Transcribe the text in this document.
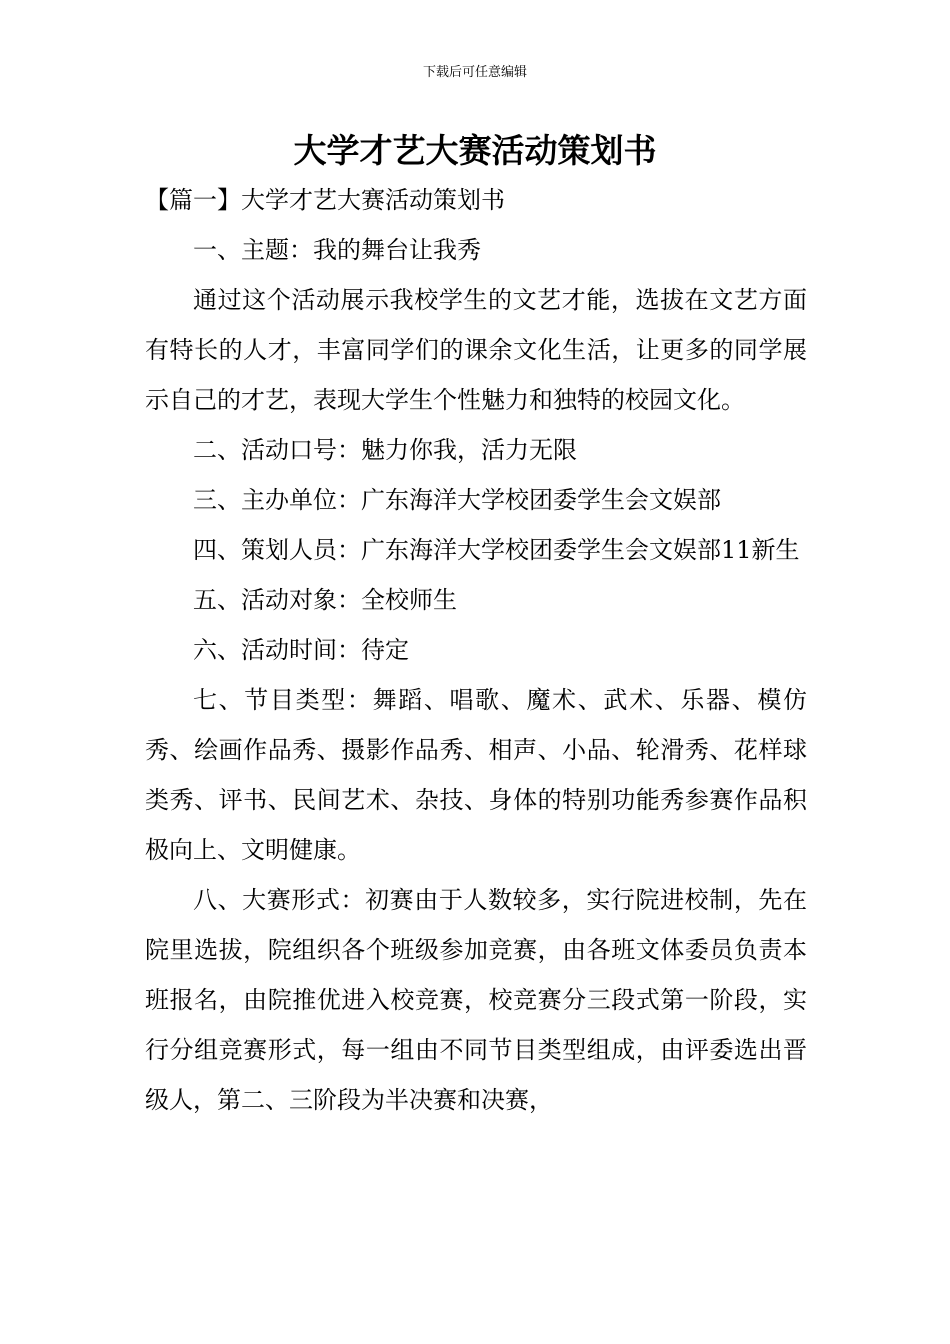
下载后可任意编辑
大学才艺大赛活动策划书

【篇一】大学才艺大赛活动策划书

一、主题：我的舞台让我秀

通过这个活动展示我校学生的文艺才能，选拔在文艺方面有特长的人才，丰富同学们的课余文化生活，让更多的同学展示自己的才艺，表现大学生个性魅力和独特的校园文化。

二、活动口号：魅力你我，活力无限

三、主办单位：广东海洋大学校团委学生会文娱部

四、策划人员：广东海洋大学校团委学生会文娱部11新生

五、活动对象：全校师生

六、活动时间：待定

七、节目类型：舞蹈、唱歌、魔术、武术、乐器、模仿秀、绘画作品秀、摄影作品秀、相声、小品、轮滑秀、花样球类秀、评书、民间艺术、杂技、身体的特别功能秀参赛作品积极向上、文明健康。

八、大赛形式：初赛由于人数较多，实行院进校制，先在院里选拔，院组织各个班级参加竞赛，由各班文体委员负责本班报名，由院推优进入校竞赛，校竞赛分三段式第一阶段，实行分组竞赛形式，每一组由不同节目类型组成，由评委选出晋级人，第二、三阶段为半决赛和决赛，
